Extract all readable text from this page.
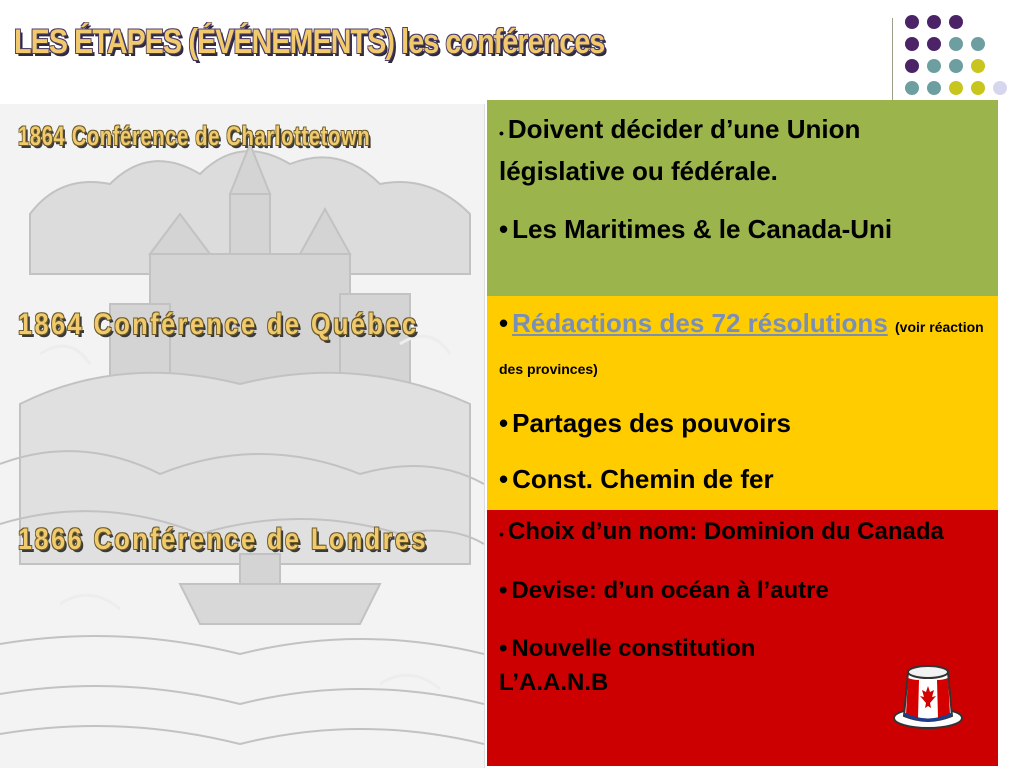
LES ÉTAPES (ÉVÉNEMENTS) les conférences
1864 Conférence de Charlottetown
1864 Conférence de Québec
1866 Conférence de Londres

• Doivent décider d’une Union législative ou fédérale.

• Les Maritimes & le Canada-Uni

• Rédactions des 72 résolutions (voir réaction des provinces)

• Partages des pouvoirs

• Const. Chemin de fer

• Choix d’un nom: Dominion du Canada

• Devise: d’un océan à l’autre

• Nouvelle constitution L’A.A.N.B
